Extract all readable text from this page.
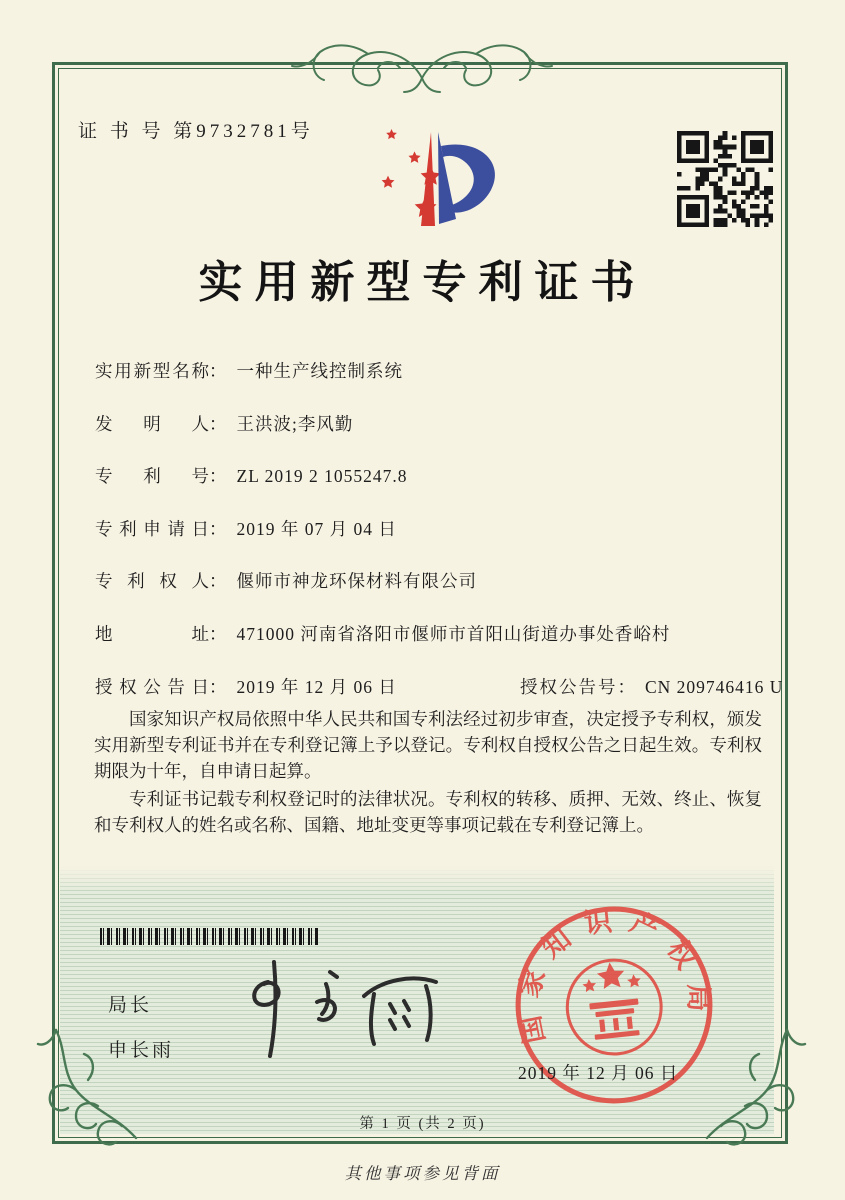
证 书 号 第9732781号
实用新型专利证书
实用新型名称： 一种生产线控制系统
发明人： 王洪波;李风勤
专利号： ZL 2019 2 1055247.8
专利申请日： 2019 年 07 月 04 日
专利权人： 偃师市神龙环保材料有限公司
地址： 471000 河南省洛阳市偃师市首阳山街道办事处香峪村
授权公告日： 2019 年 12 月 06 日	授权公告号： CN 209746416 U

国家知识产权局依照中华人民共和国专利法经过初步审查，决定授予专利权，颁发实用新型专利证书并在专利登记簿上予以登记。专利权自授权公告之日起生效。专利权期限为十年，自申请日起算。

专利证书记载专利权登记时的法律状况。专利权的转移、质押、无效、终止、恢复和专利权人的姓名或名称、国籍、地址变更等事项记载在专利登记簿上。

局长
申长雨
国家知识产权局
2019 年 12 月 06 日
第 1 页 (共 2 页)
其他事项参见背面
